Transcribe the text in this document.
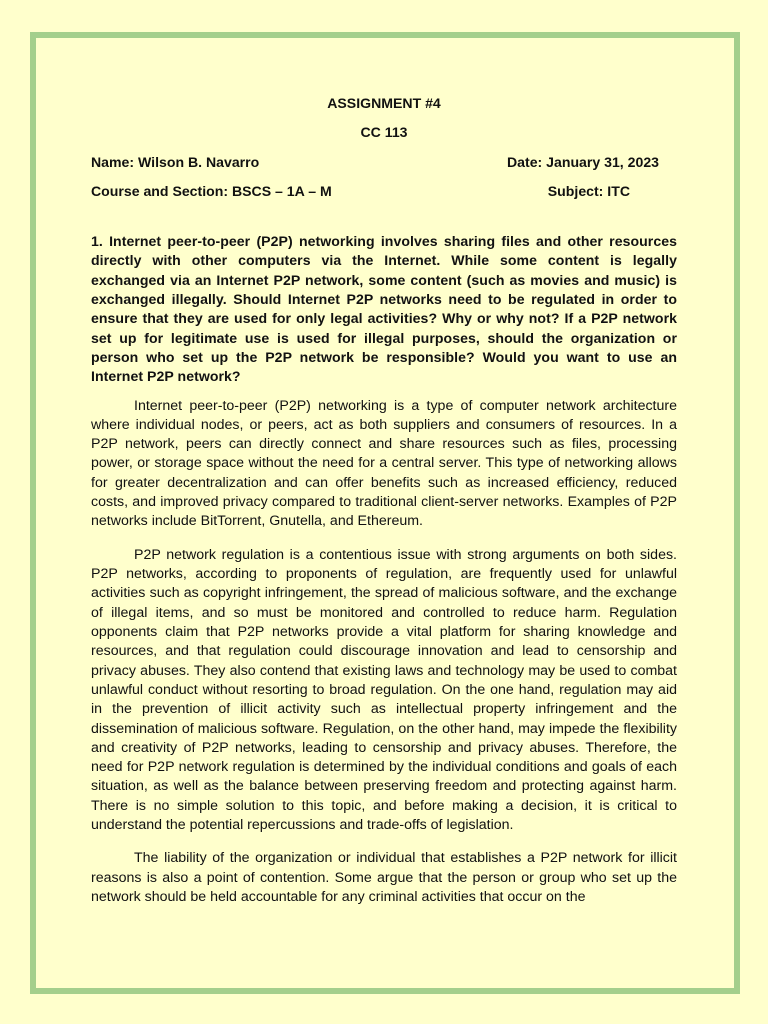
ASSIGNMENT #4
CC 113
Name: Wilson B. Navarro	Date: January 31, 2023
Course and Section: BSCS – 1A – M	Subject: ITC
1. Internet peer-to-peer (P2P) networking involves sharing files and other resources directly with other computers via the Internet. While some content is legally exchanged via an Internet P2P network, some content (such as movies and music) is exchanged illegally. Should Internet P2P networks need to be regulated in order to ensure that they are used for only legal activities? Why or why not? If a P2P network set up for legitimate use is used for illegal purposes, should the organization or person who set up the P2P network be responsible? Would you want to use an Internet P2P network?

Internet peer-to-peer (P2P) networking is a type of computer network architecture where individual nodes, or peers, act as both suppliers and consumers of resources. In a P2P network, peers can directly connect and share resources such as files, processing power, or storage space without the need for a central server. This type of networking allows for greater decentralization and can offer benefits such as increased efficiency, reduced costs, and improved privacy compared to traditional client-server networks. Examples of P2P networks include BitTorrent, Gnutella, and Ethereum.

P2P network regulation is a contentious issue with strong arguments on both sides. P2P networks, according to proponents of regulation, are frequently used for unlawful activities such as copyright infringement, the spread of malicious software, and the exchange of illegal items, and so must be monitored and controlled to reduce harm. Regulation opponents claim that P2P networks provide a vital platform for sharing knowledge and resources, and that regulation could discourage innovation and lead to censorship and privacy abuses. They also contend that existing laws and technology may be used to combat unlawful conduct without resorting to broad regulation. On the one hand, regulation may aid in the prevention of illicit activity such as intellectual property infringement and the dissemination of malicious software. Regulation, on the other hand, may impede the flexibility and creativity of P2P networks, leading to censorship and privacy abuses. Therefore, the need for P2P network regulation is determined by the individual conditions and goals of each situation, as well as the balance between preserving freedom and protecting against harm. There is no simple solution to this topic, and before making a decision, it is critical to understand the potential repercussions and trade-offs of legislation.

The liability of the organization or individual that establishes a P2P network for illicit reasons is also a point of contention. Some argue that the person or group who set up the network should be held accountable for any criminal activities that occur on the
